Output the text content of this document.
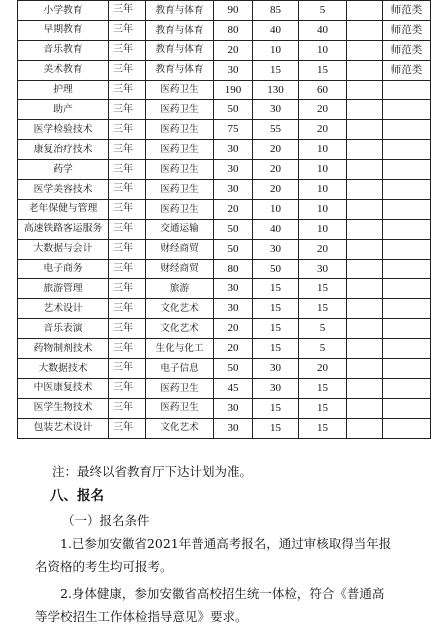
小学教育	三年	教育与体育	90	85	5		师范类
早期教育	三年	教育与体育	80	40	40		师范类
音乐教育	三年	教育与体育	20	10	10		师范类
美术教育	三年	教育与体育	30	15	15		师范类
护理	三年	医药卫生	190	130	60		
助产	三年	医药卫生	50	30	20		
医学检验技术	三年	医药卫生	75	55	20		
康复治疗技术	三年	医药卫生	30	20	10		
药学	三年	医药卫生	30	20	10		
医学美容技术	三年	医药卫生	30	20	10		
老年保健与管理	三年	医药卫生	20	10	10		
高速铁路客运服务	三年	交通运输	50	40	10		
大数据与会计	三年	财经商贸	50	30	20		
电子商务	三年	财经商贸	80	50	30		
旅游管理	三年	旅游	30	15	15		
艺术设计	三年	文化艺术	30	15	15		
音乐表演	三年	文化艺术	20	15	5		
药物制剂技术	三年	生化与化工	20	15	5		
大数据技术	三年	电子信息	50	30	20		
中医康复技术	三年	医药卫生	45	30	15		
医学生物技术	三年	医药卫生	30	15	15		
包装艺术设计	三年	文化艺术	30	15	15		
注：最终以省教育厅下达计划为准。
八、报名
（一）报名条件
1.已参加安徽省2021年普通高考报名，通过审核取得当年报
名资格的考生均可报考。
2.身体健康，参加安徽省高校招生统一体检，符合《普通高
等学校招生工作体检指导意见》要求。
